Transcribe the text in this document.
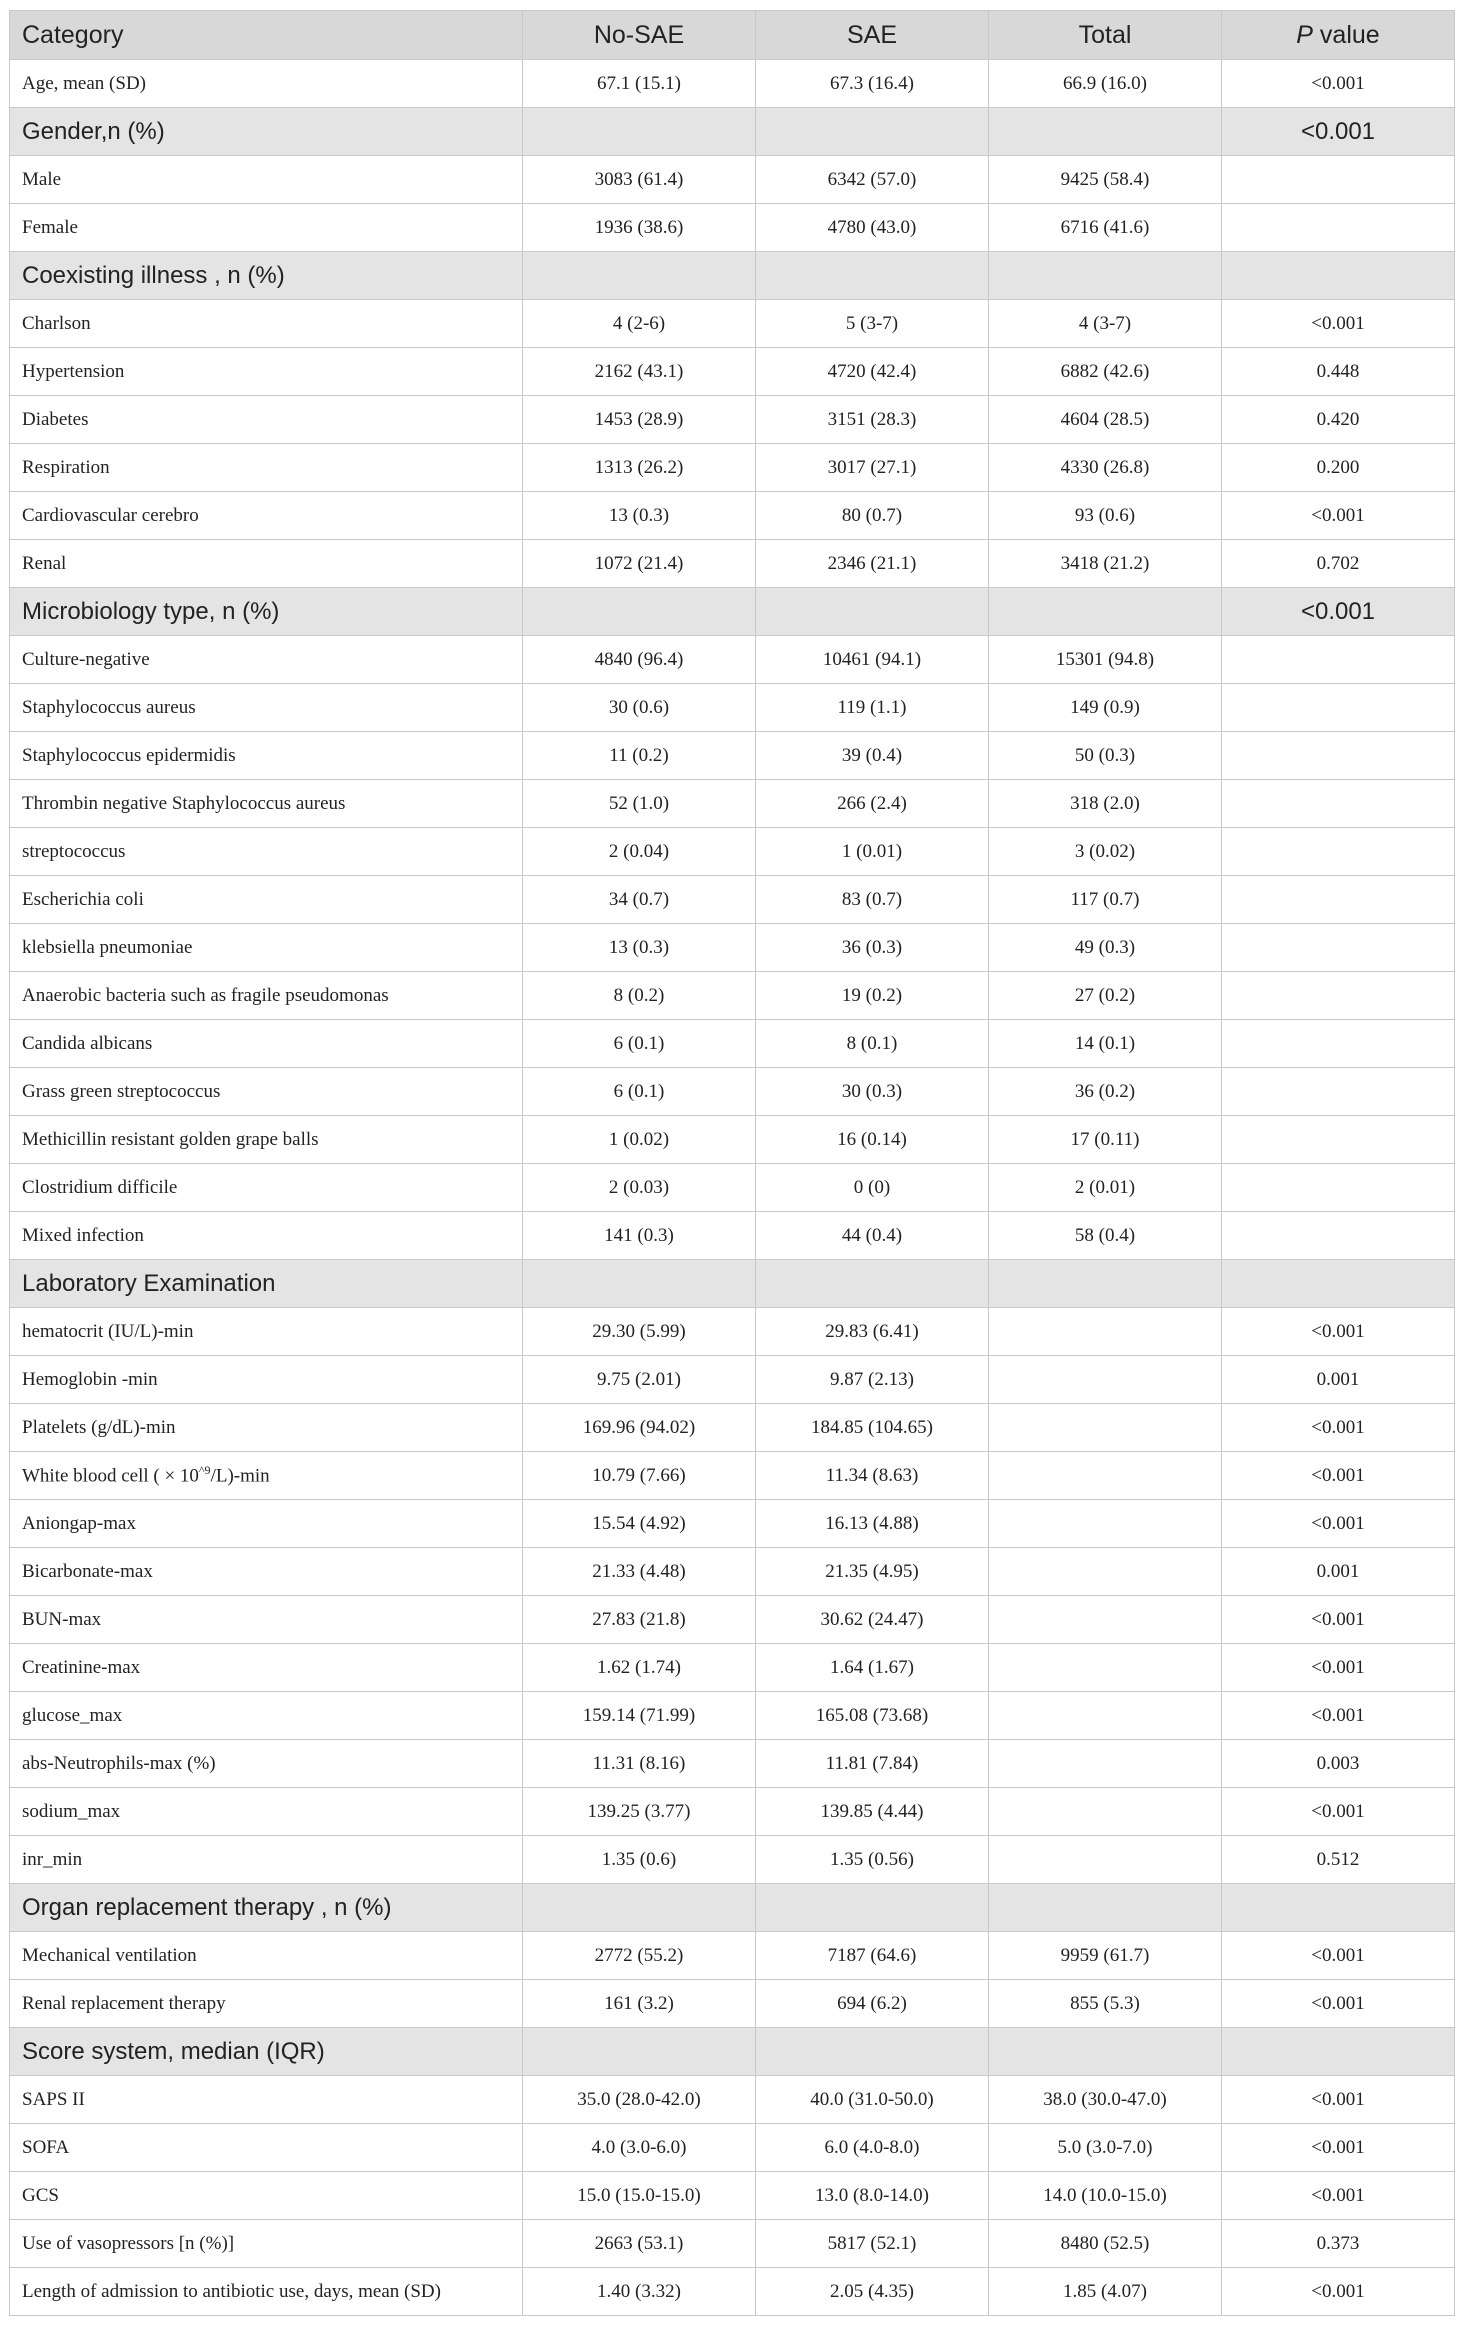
Category	No-SAE	SAE	Total	P value
Age, mean (SD)	67.1 (15.1)	67.3 (16.4)	66.9 (16.0)	<0.001
Gender,n (%)				<0.001
Male	3083 (61.4)	6342 (57.0)	9425 (58.4)	
Female	1936 (38.6)	4780 (43.0)	6716 (41.6)	
Coexisting illness , n (%)				
Charlson	4 (2-6)	5 (3-7)	4 (3-7)	<0.001
Hypertension	2162 (43.1)	4720 (42.4)	6882 (42.6)	0.448
Diabetes	1453 (28.9)	3151 (28.3)	4604 (28.5)	0.420
Respiration	1313 (26.2)	3017 (27.1)	4330 (26.8)	0.200
Cardiovascular cerebro	13 (0.3)	80 (0.7)	93 (0.6)	<0.001
Renal	1072 (21.4)	2346 (21.1)	3418 (21.2)	0.702
Microbiology type, n (%)				<0.001
Culture-negative	4840 (96.4)	10461 (94.1)	15301 (94.8)	
Staphylococcus aureus	30 (0.6)	119 (1.1)	149 (0.9)	
Staphylococcus epidermidis	11 (0.2)	39 (0.4)	50 (0.3)	
Thrombin negative Staphylococcus aureus	52 (1.0)	266 (2.4)	318 (2.0)	
streptococcus	2 (0.04)	1 (0.01)	3 (0.02)	
Escherichia coli	34 (0.7)	83 (0.7)	117 (0.7)	
klebsiella pneumoniae	13 (0.3)	36 (0.3)	49 (0.3)	
Anaerobic bacteria such as fragile pseudomonas	8 (0.2)	19 (0.2)	27 (0.2)	
Candida albicans	6 (0.1)	8 (0.1)	14 (0.1)	
Grass green streptococcus	6 (0.1)	30 (0.3)	36 (0.2)	
Methicillin resistant golden grape balls	1 (0.02)	16 (0.14)	17 (0.11)	
Clostridium difficile	2 (0.03)	0 (0)	2 (0.01)	
Mixed infection	141 (0.3)	44 (0.4)	58 (0.4)	
Laboratory Examination				
hematocrit (IU/L)-min	29.30 (5.99)	29.83 (6.41)		<0.001
Hemoglobin -min	9.75 (2.01)	9.87 (2.13)		0.001
Platelets (g/dL)-min	169.96 (94.02)	184.85 (104.65)		<0.001
White blood cell ( × $10^{\^{}9}/L)-\min$	10.79 (7.66)	11.34 (8.63)		<0.001
Aniongap-max	15.54 (4.92)	16.13 (4.88)		<0.001
Bicarbonate-max	21.33 (4.48)	21.35 (4.95)		0.001
BUN-max	27.83 (21.8)	30.62 (24.47)		<0.001
Creatinine-max	1.62 (1.74)	1.64 (1.67)		<0.001
glucose_max	159.14 (71.99)	165.08 (73.68)		<0.001
abs-Neutrophils-max (%)	11.31 (8.16)	11.81 (7.84)		0.003
sodium_max	139.25 (3.77)	139.85 (4.44)		<0.001
inr_min	1.35 (0.6)	1.35 (0.56)		0.512
Organ replacement therapy , n (%)				
Mechanical ventilation	2772 (55.2)	7187 (64.6)	9959 (61.7)	<0.001
Renal replacement therapy	161 (3.2)	694 (6.2)	855 (5.3)	<0.001
Score system, median (IQR)				
SAPS II	35.0 (28.0-42.0)	40.0 (31.0-50.0)	38.0 (30.0-47.0)	<0.001
SOFA	4.0 (3.0-6.0)	6.0 (4.0-8.0)	5.0 (3.0-7.0)	<0.001
GCS	15.0 (15.0-15.0)	13.0 (8.0-14.0)	14.0 (10.0-15.0)	<0.001
Use of vasopressors [n (%)]	2663 (53.1)	5817 (52.1)	8480 (52.5)	0.373
Length of admission to antibiotic use, days, mean (SD)	1.40 (3.32)	2.05 (4.35)	1.85 (4.07)	<0.001
